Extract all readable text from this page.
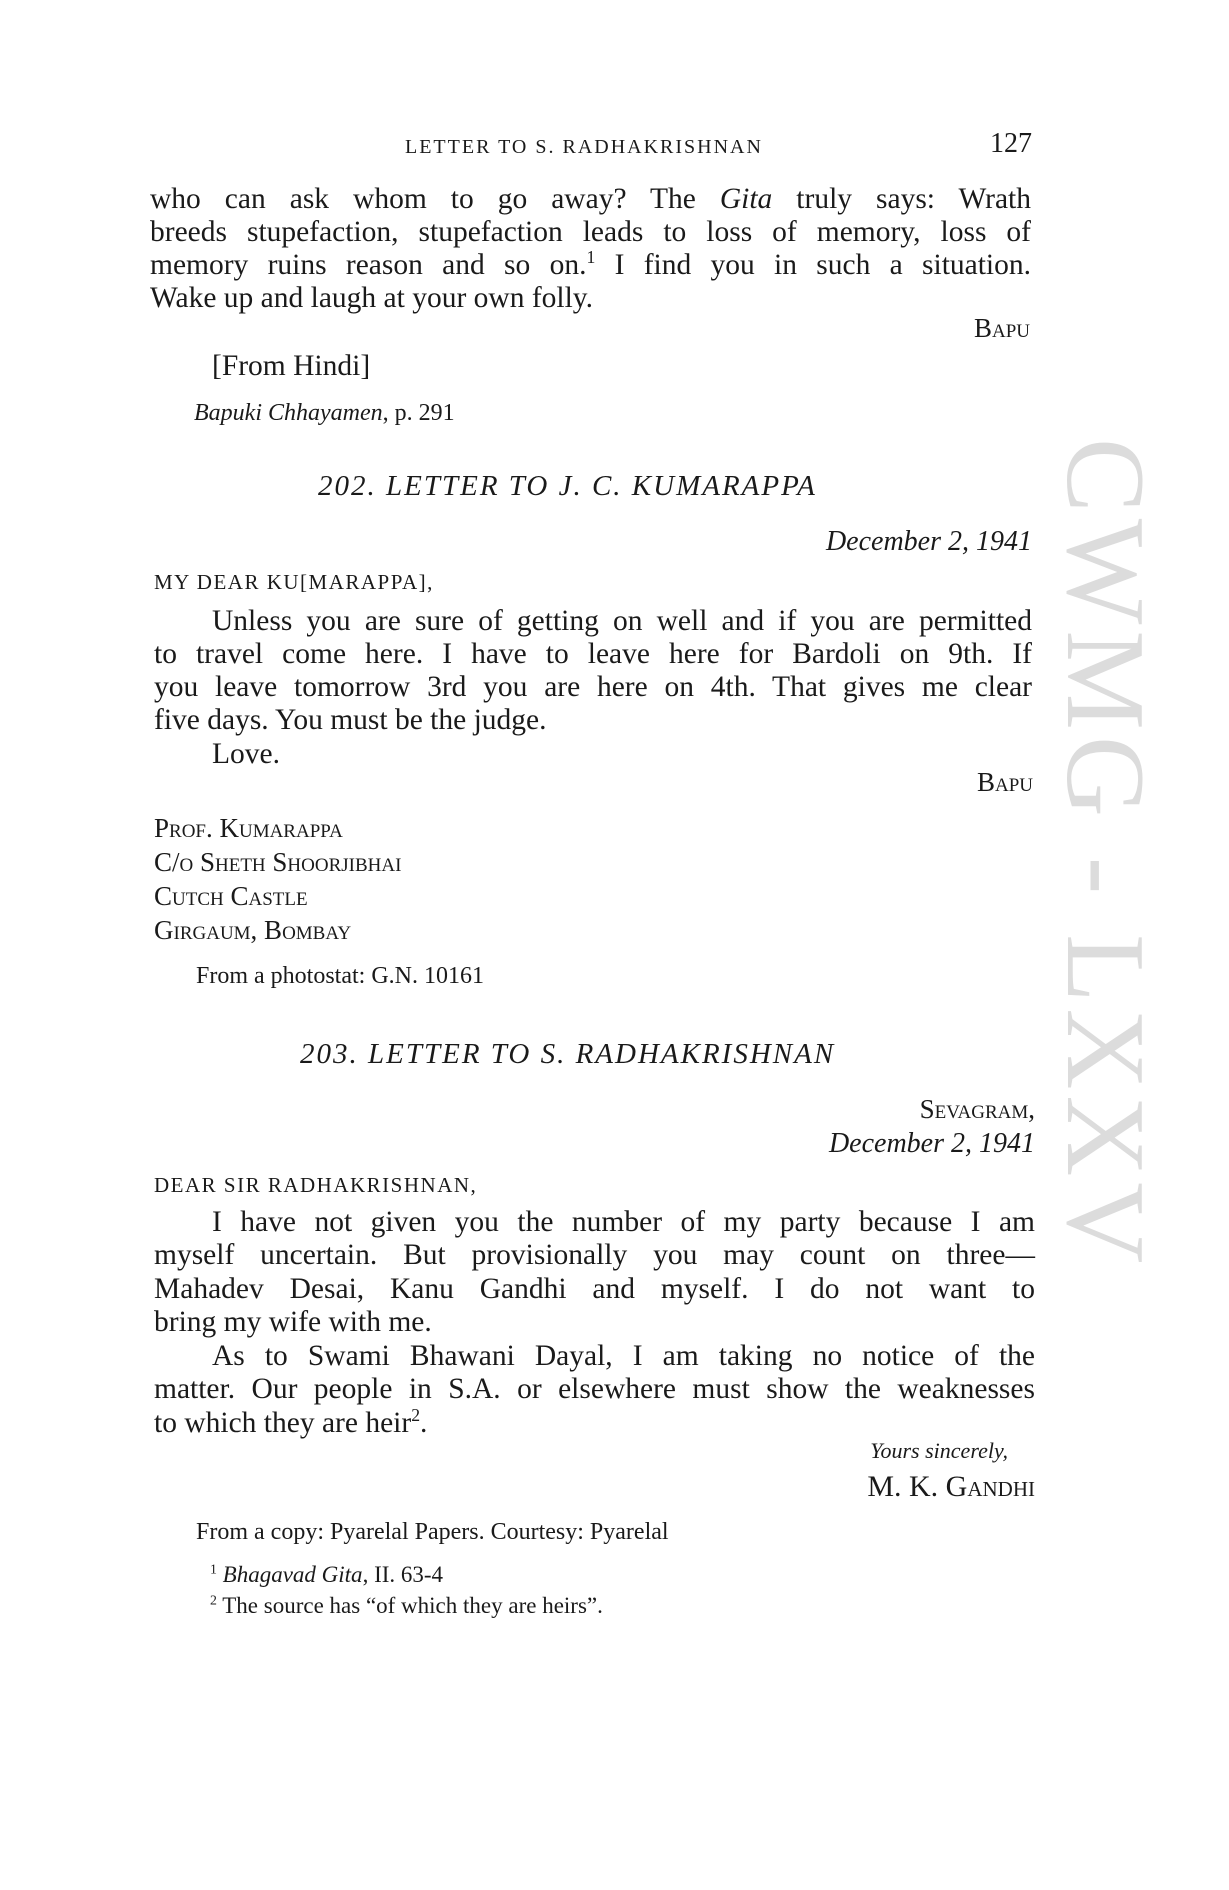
CWMG - LXXV
LETTER TO S. RADHAKRISHNAN	127
who can ask whom to go away? The Gita truly says: Wrath
breeds stupefaction, stupefaction leads to loss of memory, loss of
memory ruins reason and so on.$^1$ I find you in such a situation.
Wake up and laugh at your own folly.
Bapu
[From Hindi]
Bapuki Chhayamen, p. 291
202. LETTER TO J. C. KUMARAPPA
December 2, 1941
MY DEAR KU[MARAPPA],
Unless you are sure of getting on well and if you are permitted
to travel come here. I have to leave here for Bardoli on 9th. If
you leave tomorrow 3rd you are here on 4th. That gives me clear
five days. You must be the judge.
Love.
Bapu
Prof. Kumarappa
C/o Sheth Shoorjibhai
Cutch Castle
Girgaum, Bombay
From a photostat: G.N. 10161
203. LETTER TO S. RADHAKRISHNAN
Sevagram,
December 2, 1941
DEAR SIR RADHAKRISHNAN,
I have not given you the number of my party because I am
myself uncertain. But provisionally you may count on three—
Mahadev Desai, Kanu Gandhi and myself. I do not want to
bring my wife with me.
As to Swami Bhawani Dayal, I am taking no notice of the
matter. Our people in S.A. or elsewhere must show the weaknesses
to which they are heir$^2$.
Yours sincerely,
M. K. Gandhi
From a copy: Pyarelal Papers. Courtesy: Pyarelal
$^1$ Bhagavad Gita, II. 63-4
$^2$ The source has “of which they are heirs”.
